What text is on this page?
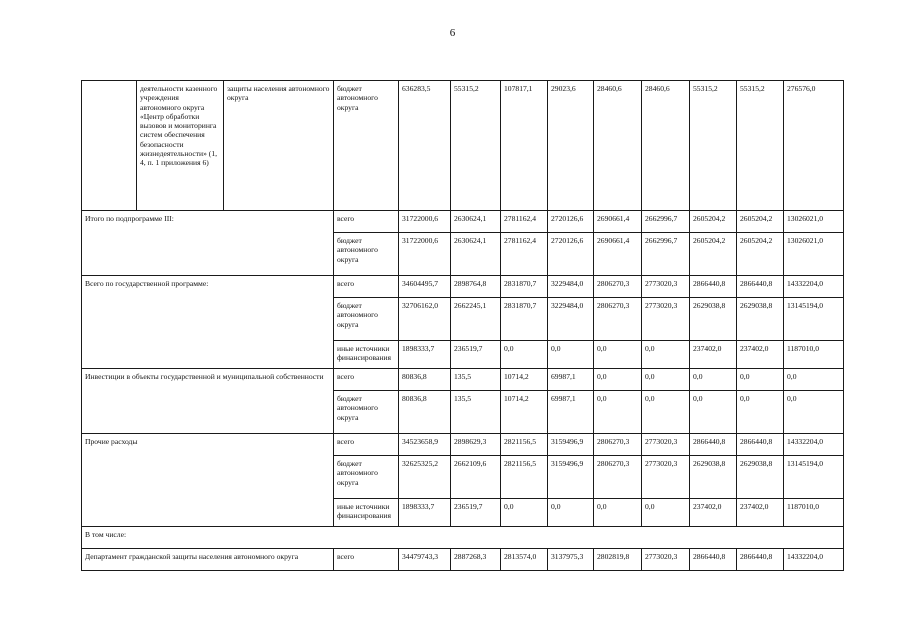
6
	деятельности казенного учреждения автономного округа «Центр обработки вызовов и мониторинга систем обеспечения безопасности жизнедеятельности» (1, 4, п. 1 приложения 6)	защиты населения автономного округа	бюджет автономного округа	636283,5	55315,2	107817,1	29023,6	28460,6	28460,6	55315,2	55315,2	276576,0
Итого по подпрограмме III:			всего	31722000,6	2630624,1	2781162,4	2720126,6	2690661,4	2662996,7	2605204,2	2605204,2	13026021,0
			бюджет автономного округа	31722000,6	2630624,1	2781162,4	2720126,6	2690661,4	2662996,7	2605204,2	2605204,2	13026021,0
Всего по государственной программе:			всего	34604495,7	2898764,8	2831870,7	3229484,0	2806270,3	2773020,3	2866440,8	2866440,8	14332204,0
			бюджет автономного округа	32706162,0	2662245,1	2831870,7	3229484,0	2806270,3	2773020,3	2629038,8	2629038,8	13145194,0
			иные источники финансирования	1898333,7	236519,7	0,0	0,0	0,0	0,0	237402,0	237402,0	1187010,0
Инвестиции в объекты государственной и муниципальной собственности			всего	80836,8	135,5	10714,2	69987,1	0,0	0,0	0,0	0,0	0,0
			бюджет автономного округа	80836,8	135,5	10714,2	69987,1	0,0	0,0	0,0	0,0	0,0
Прочие расходы			всего	34523658,9	2898629,3	2821156,5	3159496,9	2806270,3	2773020,3	2866440,8	2866440,8	14332204,0
			бюджет автономного округа	32625325,2	2662109,6	2821156,5	3159496,9	2806270,3	2773020,3	2629038,8	2629038,8	13145194,0
			иные источники финансирования	1898333,7	236519,7	0,0	0,0	0,0	0,0	237402,0	237402,0	1187010,0
В том числе:												
Департамент гражданской защиты населения автономного округа			всего	34479743,3	2887268,3	2813574,0	3137975,3	2802819,8	2773020,3	2866440,8	2866440,8	14332204,0
